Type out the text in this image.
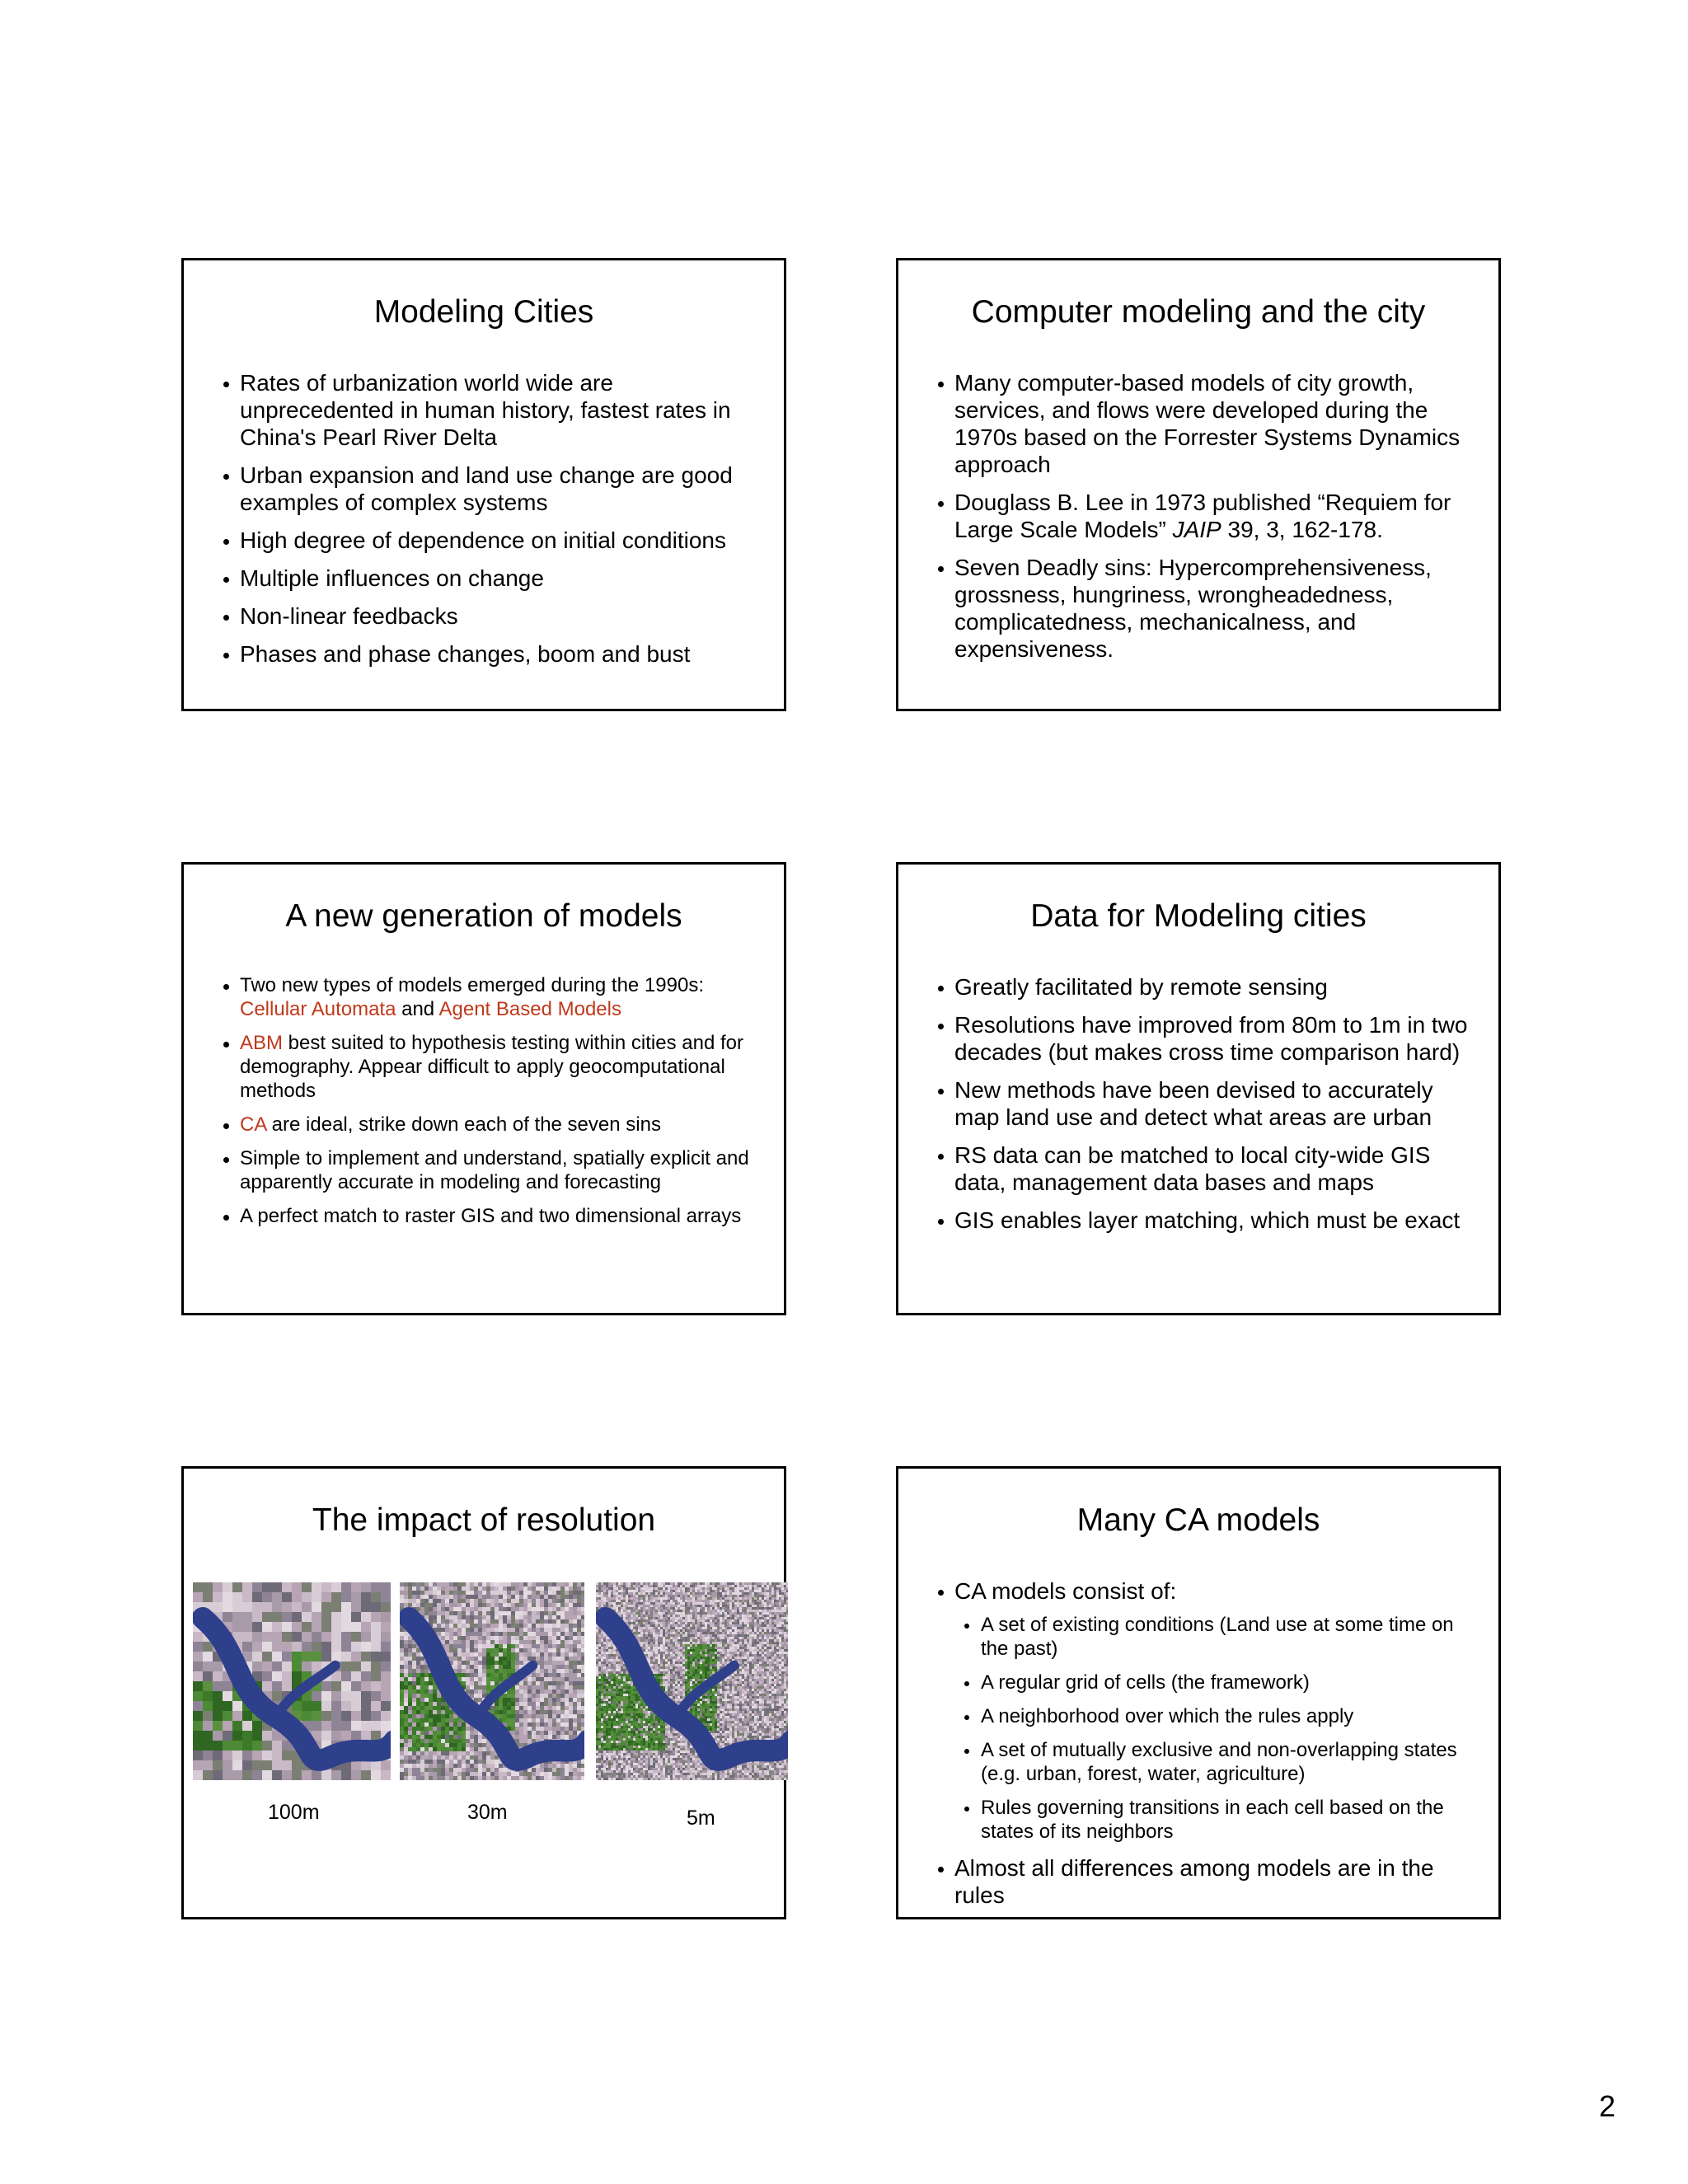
Modeling Cities
Rates of urbanization world wide are unprecedented in human history, fastest rates in China's Pearl River Delta
Urban expansion and land use change are good examples of complex systems
High degree of dependence on initial conditions
Multiple influences on change
Non-linear feedbacks
Phases and phase changes, boom and bust
Computer modeling and the city
Many computer-based models of city growth, services, and flows were developed during the 1970s based on the Forrester Systems Dynamics approach
Douglass B. Lee in 1973 published “Requiem for Large Scale Models” JAIP 39, 3, 162-178.
Seven Deadly sins: Hypercomprehensiveness, grossness, hungriness, wrongheadedness, complicatedness, mechanicalness, and expensiveness.
A new generation of models
Two new types of models emerged during the 1990s: Cellular Automata and Agent Based Models
ABM best suited to hypothesis testing within cities and for demography. Appear difficult to apply geocomputational methods
CA are ideal, strike down each of the seven sins
Simple to implement and understand, spatially explicit and apparently accurate in modeling and forecasting
A perfect match to raster GIS and two dimensional arrays
Data for Modeling cities
Greatly facilitated by remote sensing
Resolutions have improved from 80m to 1m in two decades (but makes cross time comparison hard)
New methods have been devised to accurately map land use and detect what areas are urban
RS data can be matched to local city-wide GIS data, management data bases and maps
GIS enables layer matching, which must be exact
The impact of resolution
100m	30m	5m
Many CA models
CA models consist of:
A set of existing conditions (Land use at some time on the past)
A regular grid of cells (the framework)
A neighborhood over which the rules apply
A set of mutually exclusive and non-overlapping states (e.g. urban, forest, water, agriculture)
Rules governing transitions in each cell based on the states of its neighbors
Almost all differences among models are in the rules
2
